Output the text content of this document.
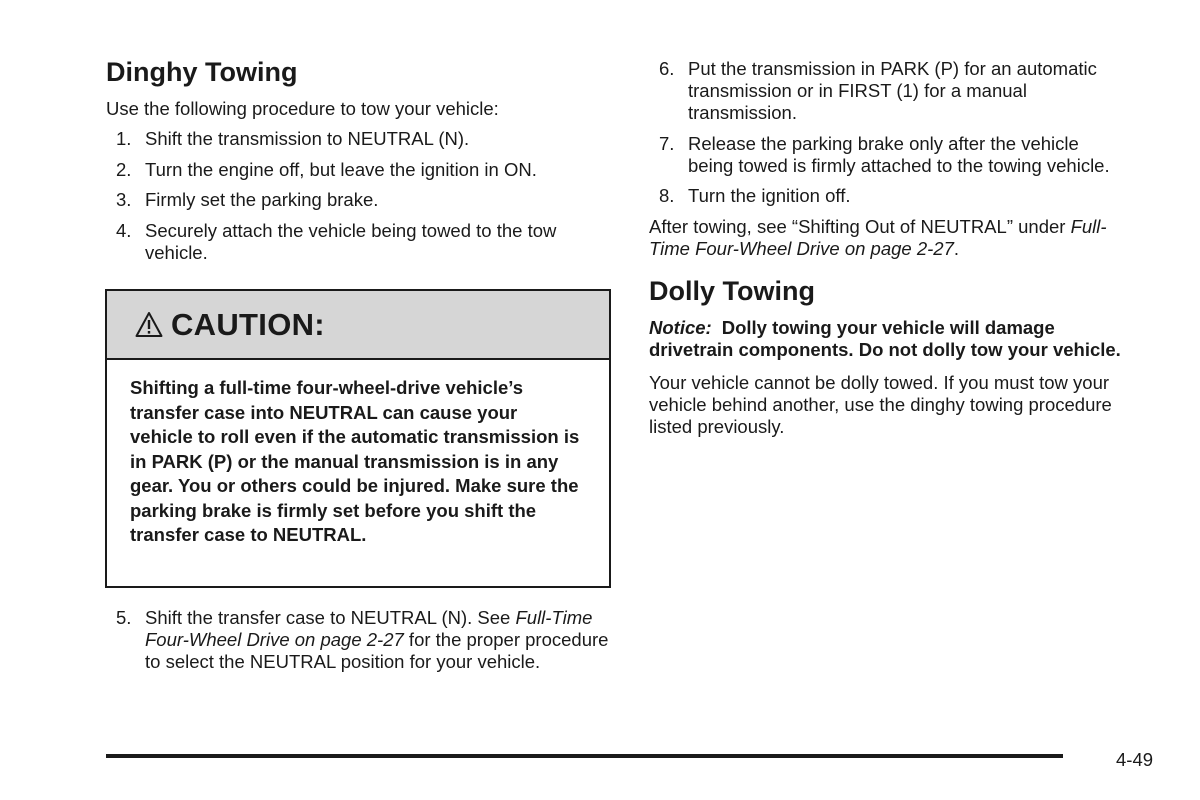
Dinghy Towing

Use the following procedure to tow your vehicle:

1. Shift the transmission to NEUTRAL (N).
2. Turn the engine off, but leave the ignition in ON.
3. Firmly set the parking brake.
4. Securely attach the vehicle being towed to the tow vehicle.
CAUTION:
Shifting a full-time four-wheel-drive vehicle’s transfer case into NEUTRAL can cause your vehicle to roll even if the automatic transmission is in PARK (P) or the manual transmission is in any gear. You or others could be injured. Make sure the parking brake is firmly set before you shift the transfer case to NEUTRAL.
5. Shift the transfer case to NEUTRAL (N). See Full-Time Four-Wheel Drive on page 2-27 for the proper procedure to select the NEUTRAL position for your vehicle.
6. Put the transmission in PARK (P) for an automatic transmission or in FIRST (1) for a manual transmission.
7. Release the parking brake only after the vehicle being towed is firmly attached to the towing vehicle.
8. Turn the ignition off.

After towing, see “Shifting Out of NEUTRAL” under Full-Time Four-Wheel Drive on page 2-27.

Dolly Towing

Notice: Dolly towing your vehicle will damage drivetrain components. Do not dolly tow your vehicle.

Your vehicle cannot be dolly towed. If you must tow your vehicle behind another, use the dinghy towing procedure listed previously.

4-49
